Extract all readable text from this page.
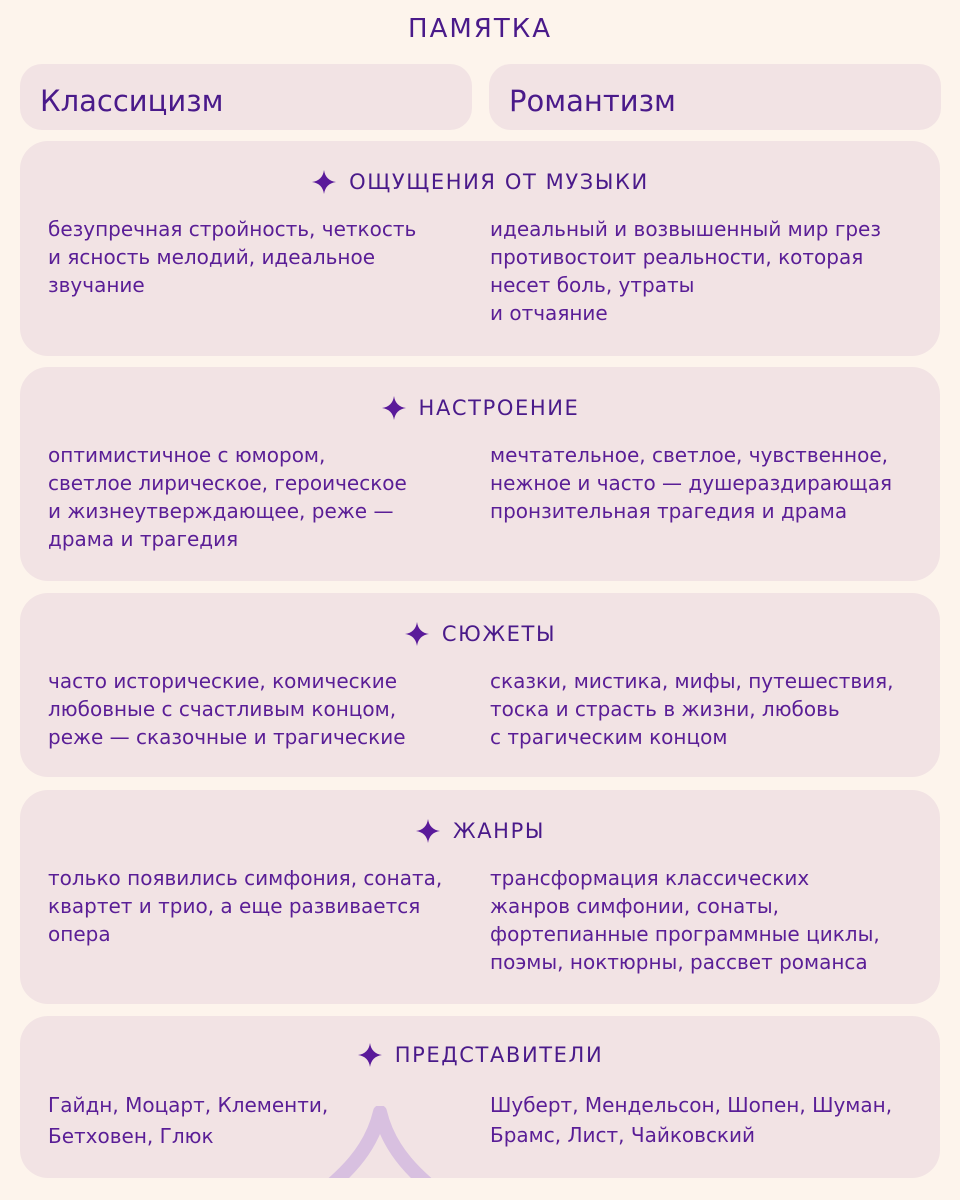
ПАМЯТКА
Классицизм	Романтизм
ОЩУЩЕНИЯ ОТ МУЗЫКИ
безупречная стройность, четкость
и ясность мелодий, идеальное
звучание
идеальный и возвышенный мир грез
противостоит реальности, которая
несет боль, утраты
и отчаяние
НАСТРОЕНИЕ
оптимистичное с юмором,
светлое лирическое, героическое
и жизнеутверждающее, реже —
драма и трагедия
мечтательное, светлое, чувственное,
нежное и часто — душераздирающая
пронзительная трагедия и драма
СЮЖЕТЫ
часто исторические, комические
любовные с счастливым концом,
реже — сказочные и трагические
сказки, мистика, мифы, путешествия,
тоска и страсть в жизни, любовь
с трагическим концом
ЖАНРЫ
только появились симфония, соната,
квартет и трио, а еще развивается
опера
трансформация классических
жанров симфонии, сонаты,
фортепианные программные циклы,
поэмы, ноктюрны, рассвет романса
ПРЕДСТАВИТЕЛИ
Гайдн, Моцарт, Клементи,
Бетховен, Глюк
Шуберт, Мендельсон, Шопен, Шуман,
Брамс, Лист, Чайковский
